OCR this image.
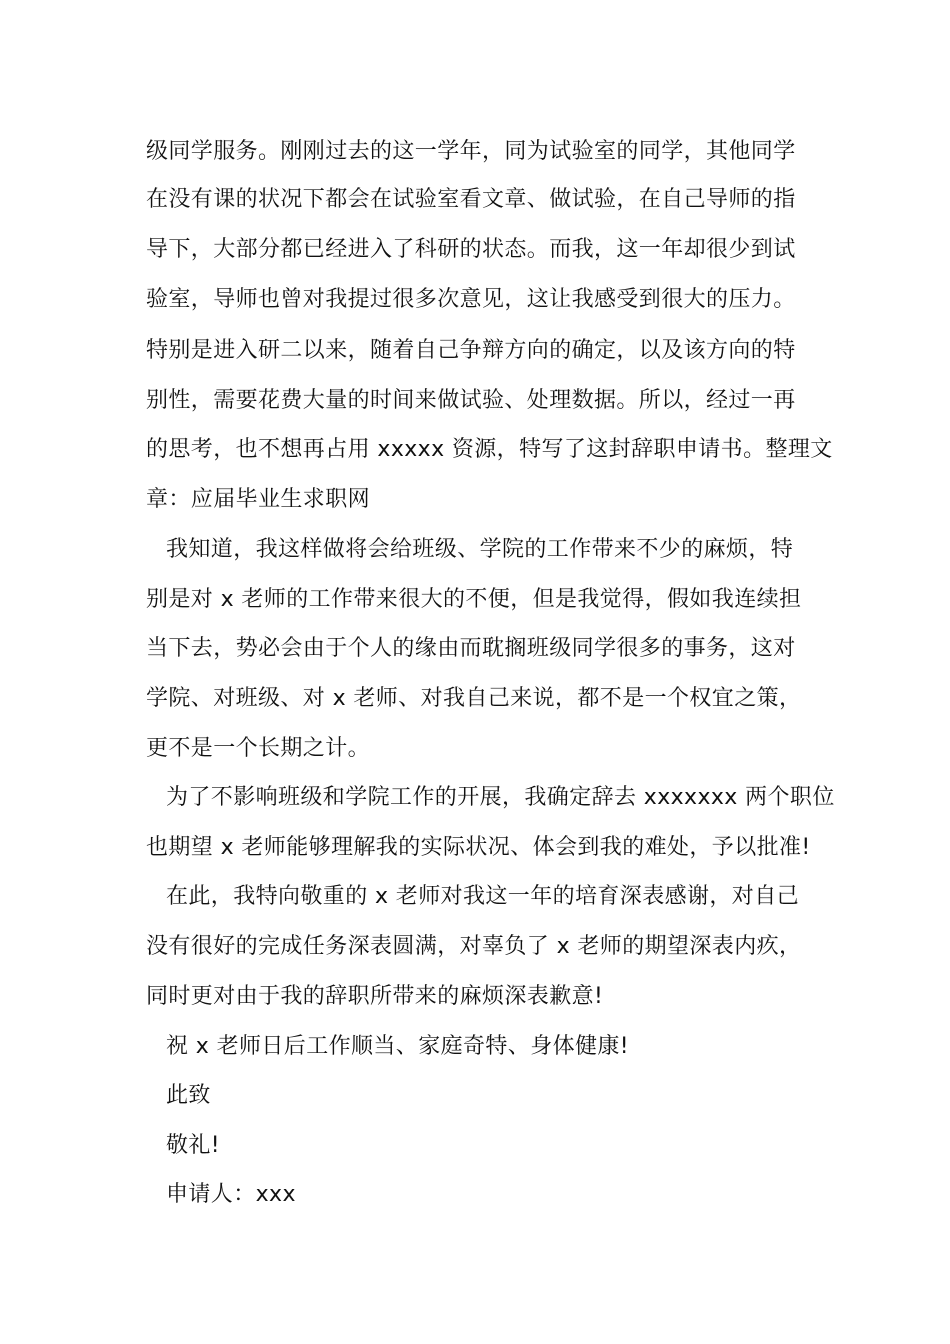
级同学服务。刚刚过去的这一学年，同为试验室的同学，其他同学
在没有课的状况下都会在试验室看文章、做试验，在自己导师的指
导下，大部分都已经进入了科研的状态。而我，这一年却很少到试
验室，导师也曾对我提过很多次意见，这让我感受到很大的压力。
特别是进入研二以来，随着自己争辩方向的确定，以及该方向的特
别性，需要花费大量的时间来做试验、处理数据。所以，经过一再
的思考，也不想再占用 xxxxx 资源，特写了这封辞职申请书。整理文
章：应届毕业生求职网
我知道，我这样做将会给班级、学院的工作带来不少的麻烦，特
别是对 x 老师的工作带来很大的不便，但是我觉得，假如我连续担
当下去，势必会由于个人的缘由而耽搁班级同学很多的事务，这对
学院、对班级、对 x 老师、对我自己来说，都不是一个权宜之策，
更不是一个长期之计。
为了不影响班级和学院工作的开展，我确定辞去 xxxxxxx 两个职位
也期望 x 老师能够理解我的实际状况、体会到我的难处，予以批准!
在此，我特向敬重的 x 老师对我这一年的培育深表感谢，对自己
没有很好的完成任务深表圆满，对辜负了 x 老师的期望深表内疚，
同时更对由于我的辞职所带来的麻烦深表歉意!
祝 x 老师日后工作顺当、家庭奇特、身体健康!
此致
敬礼!
申请人：xxx
